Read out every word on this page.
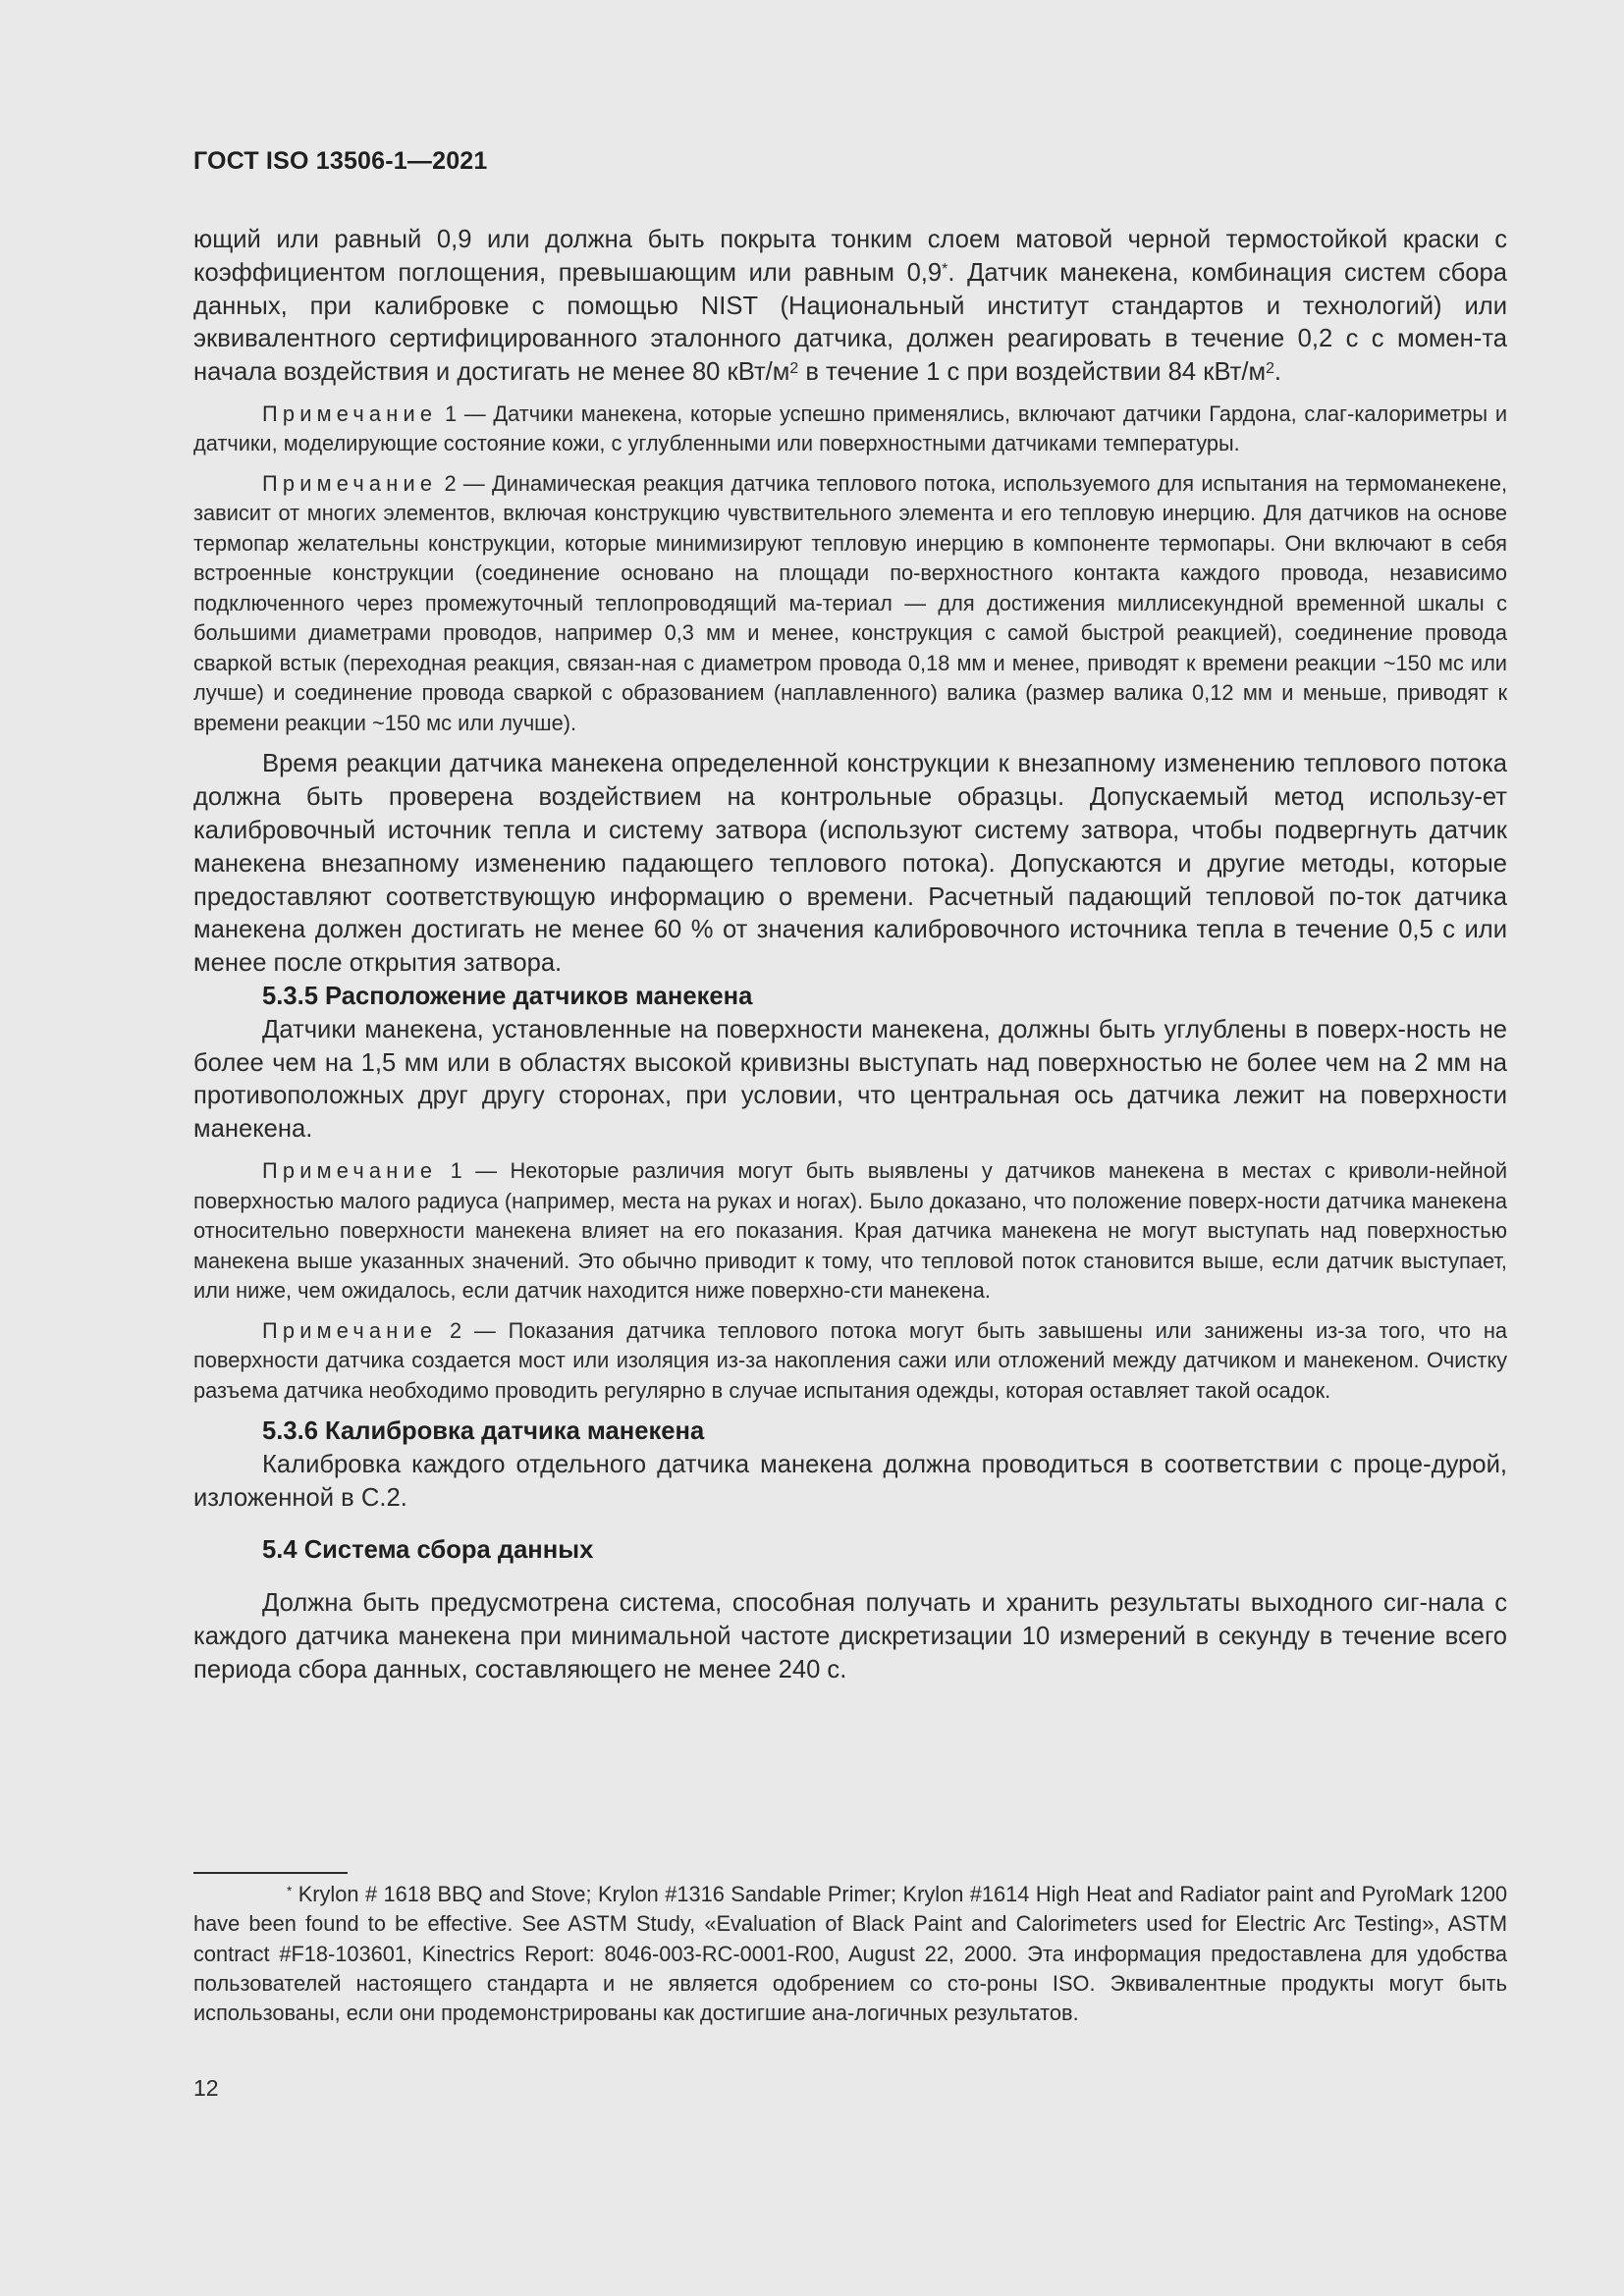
ГОСТ ISO 13506-1—2021

ющий или равный 0,9 или должна быть покрыта тонким слоем матовой черной термостойкой краски с коэффициентом поглощения, превышающим или равным 0,9*. Датчик манекена, комбинация систем сбора данных, при калибровке с помощью NIST (Национальный институт стандартов и технологий) или эквивалентного сертифицированного эталонного датчика, должен реагировать в течение 0,2 с с момен-та начала воздействия и достигать не менее 80 кВт/$м^2$ в течение 1 с при воздействии 84 кВт/$м^2$.

Примечание 1 — Датчики манекена, которые успешно применялись, включают датчики Гардона, слаг-калориметры и датчики, моделирующие состояние кожи, с углубленными или поверхностными датчиками температуры.

Примечание 2 — Динамическая реакция датчика теплового потока, используемого для испытания на термоманекене, зависит от многих элементов, включая конструкцию чувствительного элемента и его тепловую инерцию. Для датчиков на основе термопар желательны конструкции, которые минимизируют тепловую инерцию в компоненте термопары. Они включают в себя встроенные конструкции (соединение основано на площади по-верхностного контакта каждого провода, независимо подключенного через промежуточный теплопроводящий ма-териал — для достижения миллисекундной временной шкалы с большими диаметрами проводов, например 0,3 мм и менее, конструкция с самой быстрой реакцией), соединение провода сваркой встык (переходная реакция, связан-ная с диаметром провода 0,18 мм и менее, приводят к времени реакции ~150 мс или лучше) и соединение провода сваркой с образованием (наплавленного) валика (размер валика 0,12 мм и меньше, приводят к времени реакции ~150 мс или лучше).

Время реакции датчика манекена определенной конструкции к внезапному изменению теплового потока должна быть проверена воздействием на контрольные образцы. Допускаемый метод использу-ет калибровочный источник тепла и систему затвора (используют систему затвора, чтобы подвергнуть датчик манекена внезапному изменению падающего теплового потока). Допускаются и другие методы, которые предоставляют соответствующую информацию о времени. Расчетный падающий тепловой по-ток датчика манекена должен достигать не менее 60 % от значения калибровочного источника тепла в течение 0,5 с или менее после открытия затвора.

5.3.5 Расположение датчиков манекена

Датчики манекена, установленные на поверхности манекена, должны быть углублены в поверх-ность не более чем на 1,5 мм или в областях высокой кривизны выступать над поверхностью не более чем на 2 мм на противоположных друг другу сторонах, при условии, что центральная ось датчика лежит на поверхности манекена.

Примечание 1 — Некоторые различия могут быть выявлены у датчиков манекена в местах с криволи-нейной поверхностью малого радиуса (например, места на руках и ногах). Было доказано, что положение поверх-ности датчика манекена относительно поверхности манекена влияет на его показания. Края датчика манекена не могут выступать над поверхностью манекена выше указанных значений. Это обычно приводит к тому, что тепловой поток становится выше, если датчик выступает, или ниже, чем ожидалось, если датчик находится ниже поверхно-сти манекена.

Примечание 2 — Показания датчика теплового потока могут быть завышены или занижены из-за того, что на поверхности датчика создается мост или изоляция из-за накопления сажи или отложений между датчиком и манекеном. Очистку разъема датчика необходимо проводить регулярно в случае испытания одежды, которая оставляет такой осадок.

5.3.6 Калибровка датчика манекена

Калибровка каждого отдельного датчика манекена должна проводиться в соответствии с проце-дурой, изложенной в С.2.

5.4 Система сбора данных

Должна быть предусмотрена система, способная получать и хранить результаты выходного сиг-нала с каждого датчика манекена при минимальной частоте дискретизации 10 измерений в секунду в течение всего периода сбора данных, составляющего не менее 240 с.

* Krylon # 1618 BBQ and Stove; Krylon #1316 Sandable Primer; Krylon #1614 High Heat and Radiator paint and PyroMark 1200 have been found to be effective. See ASTM Study, «Evaluation of Black Paint and Calorimeters used for Electric Arc Testing», ASTM contract #F18-103601, Kinectrics Report: 8046-003-RC-0001-R00, August 22, 2000. Эта информация предоставлена для удобства пользователей настоящего стандарта и не является одобрением со сто-роны ISO. Эквивалентные продукты могут быть использованы, если они продемонстрированы как достигшие ана-логичных результатов.

12
